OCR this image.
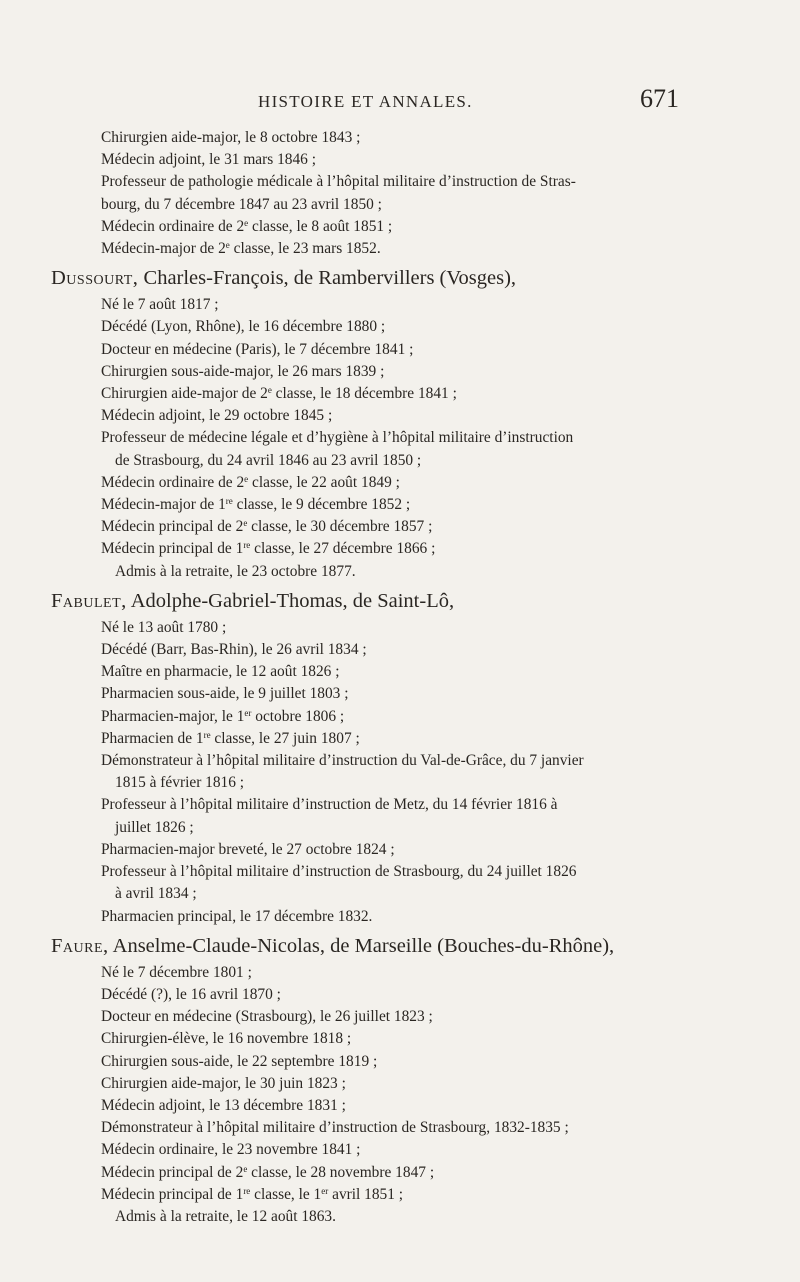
HISTOIRE ET ANNALES.	671
Chirurgien aide-major, le 8 octobre 1843 ;
Médecin adjoint, le 31 mars 1846 ;
Professeur de pathologie médicale à l’hôpital militaire d’instruction de Stras-
bourg, du 7 décembre 1847 au 23 avril 1850 ;
Médecin ordinaire de 2e classe, le 8 août 1851 ;
Médecin-major de 2e classe, le 23 mars 1852.
Dussourt, Charles-François, de Rambervillers (Vosges),
Né le 7 août 1817 ;
Décédé (Lyon, Rhône), le 16 décembre 1880 ;
Docteur en médecine (Paris), le 7 décembre 1841 ;
Chirurgien sous-aide-major, le 26 mars 1839 ;
Chirurgien aide-major de 2e classe, le 18 décembre 1841 ;
Médecin adjoint, le 29 octobre 1845 ;
Professeur de médecine légale et d’hygiène à l’hôpital militaire d’instruction
de Strasbourg, du 24 avril 1846 au 23 avril 1850 ;
Médecin ordinaire de 2e classe, le 22 août 1849 ;
Médecin-major de 1re classe, le 9 décembre 1852 ;
Médecin principal de 2e classe, le 30 décembre 1857 ;
Médecin principal de 1re classe, le 27 décembre 1866 ;
Admis à la retraite, le 23 octobre 1877.
Fabulet, Adolphe-Gabriel-Thomas, de Saint-Lô,
Né le 13 août 1780 ;
Décédé (Barr, Bas-Rhin), le 26 avril 1834 ;
Maître en pharmacie, le 12 août 1826 ;
Pharmacien sous-aide, le 9 juillet 1803 ;
Pharmacien-major, le 1er octobre 1806 ;
Pharmacien de 1re classe, le 27 juin 1807 ;
Démonstrateur à l’hôpital militaire d’instruction du Val-de-Grâce, du 7 janvier
1815 à février 1816 ;
Professeur à l’hôpital militaire d’instruction de Metz, du 14 février 1816 à
juillet 1826 ;
Pharmacien-major breveté, le 27 octobre 1824 ;
Professeur à l’hôpital militaire d’instruction de Strasbourg, du 24 juillet 1826
à avril 1834 ;
Pharmacien principal, le 17 décembre 1832.
Faure, Anselme-Claude-Nicolas, de Marseille (Bouches-du-Rhône),
Né le 7 décembre 1801 ;
Décédé (?), le 16 avril 1870 ;
Docteur en médecine (Strasbourg), le 26 juillet 1823 ;
Chirurgien-élève, le 16 novembre 1818 ;
Chirurgien sous-aide, le 22 septembre 1819 ;
Chirurgien aide-major, le 30 juin 1823 ;
Médecin adjoint, le 13 décembre 1831 ;
Démonstrateur à l’hôpital militaire d’instruction de Strasbourg, 1832-1835 ;
Médecin ordinaire, le 23 novembre 1841 ;
Médecin principal de 2e classe, le 28 novembre 1847 ;
Médecin principal de 1re classe, le 1er avril 1851 ;
Admis à la retraite, le 12 août 1863.
